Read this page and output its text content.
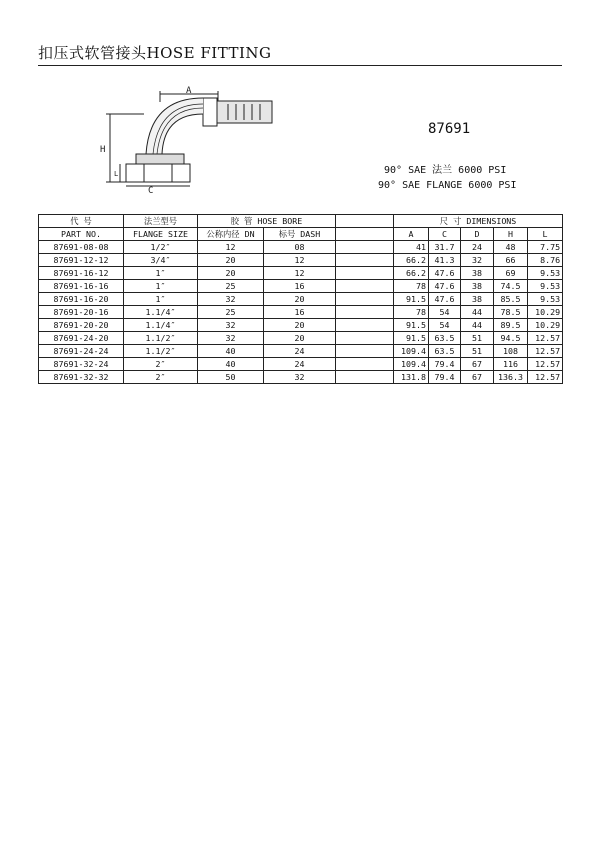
扣压式软管接头HOSE FITTING
A
H
L
C
87691
90° SAE 法兰 6000 PSI
90° SAE FLANGE 6000 PSI
代 号	法兰型号	胶 管 HOSE BORE			尺 寸 DIMENSIONS				
PART NO.	FLANGE SIZE	公称内径 DN	标号 DASH		A	C	D	H	L
87691-08-08	1/2″	12	08		41	31.7	24	48	7.75
87691-12-12	3/4″	20	12		66.2	41.3	32	66	8.76
87691-16-12	1″	20	12		66.2	47.6	38	69	9.53
87691-16-16	1″	25	16		78	47.6	38	74.5	9.53
87691-16-20	1″	32	20		91.5	47.6	38	85.5	9.53
87691-20-16	1.1/4″	25	16		78	54	44	78.5	10.29
87691-20-20	1.1/4″	32	20		91.5	54	44	89.5	10.29
87691-24-20	1.1/2″	32	20		91.5	63.5	51	94.5	12.57
87691-24-24	1.1/2″	40	24		109.4	63.5	51	108	12.57
87691-32-24	2″	40	24		109.4	79.4	67	116	12.57
87691-32-32	2″	50	32		131.8	79.4	67	136.3	12.57
